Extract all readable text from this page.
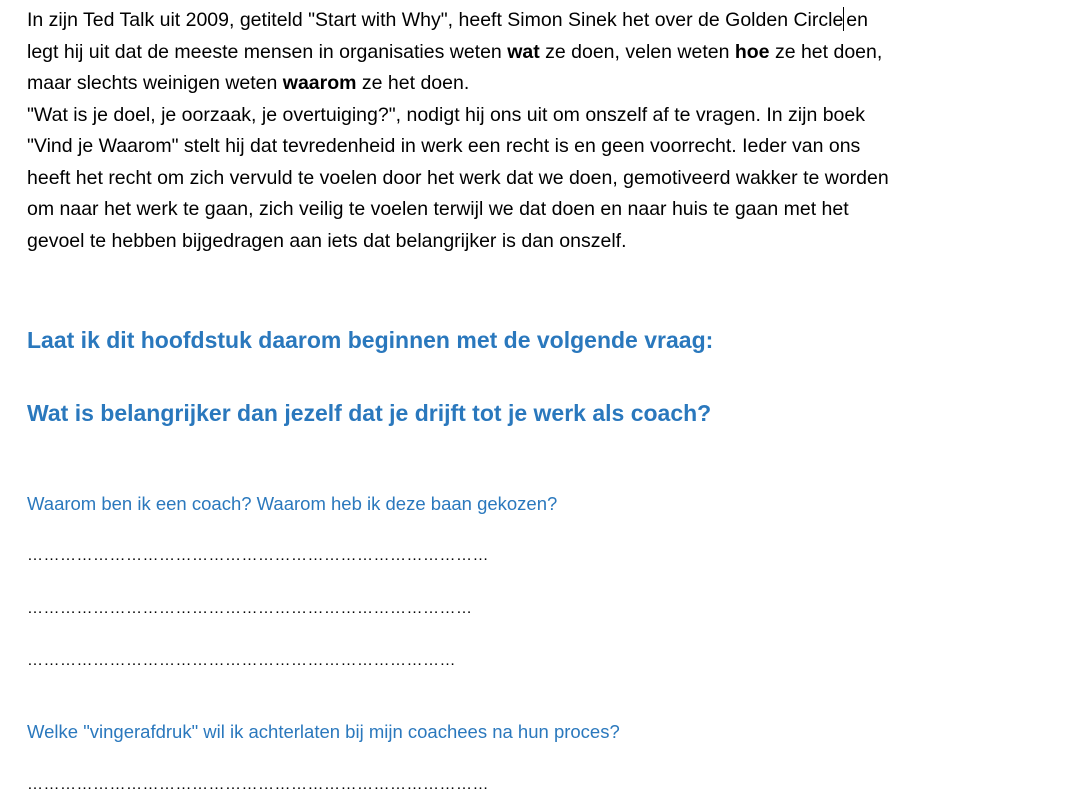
In zijn Ted Talk uit 2009, getiteld "Start with Why", heeft Simon Sinek het over de Golden Circle en
legt hij uit dat de meeste mensen in organisaties weten wat ze doen, velen weten hoe ze het doen,
maar slechts weinigen weten waarom ze het doen.
"Wat is je doel, je oorzaak, je overtuiging?", nodigt hij ons uit om onszelf af te vragen. In zijn boek
"Vind je Waarom" stelt hij dat tevredenheid in werk een recht is en geen voorrecht. Ieder van ons
heeft het recht om zich vervuld te voelen door het werk dat we doen, gemotiveerd wakker te worden
om naar het werk te gaan, zich veilig te voelen terwijl we dat doen en naar huis te gaan met het
gevoel te hebben bijgedragen aan iets dat belangrijker is dan onszelf.

Laat ik dit hoofdstuk daarom beginnen met de volgende vraag:
Wat is belangrijker dan jezelf dat je drijft tot je werk als coach?

Waarom ben ik een coach? Waarom heb ik deze baan gekozen?

…………………………………………………………………………
………………………………………………………………………
……………………………………………………………………

Welke "vingerafdruk" wil ik achterlaten bij mijn coachees na hun proces?

…………………………………………………………………………
